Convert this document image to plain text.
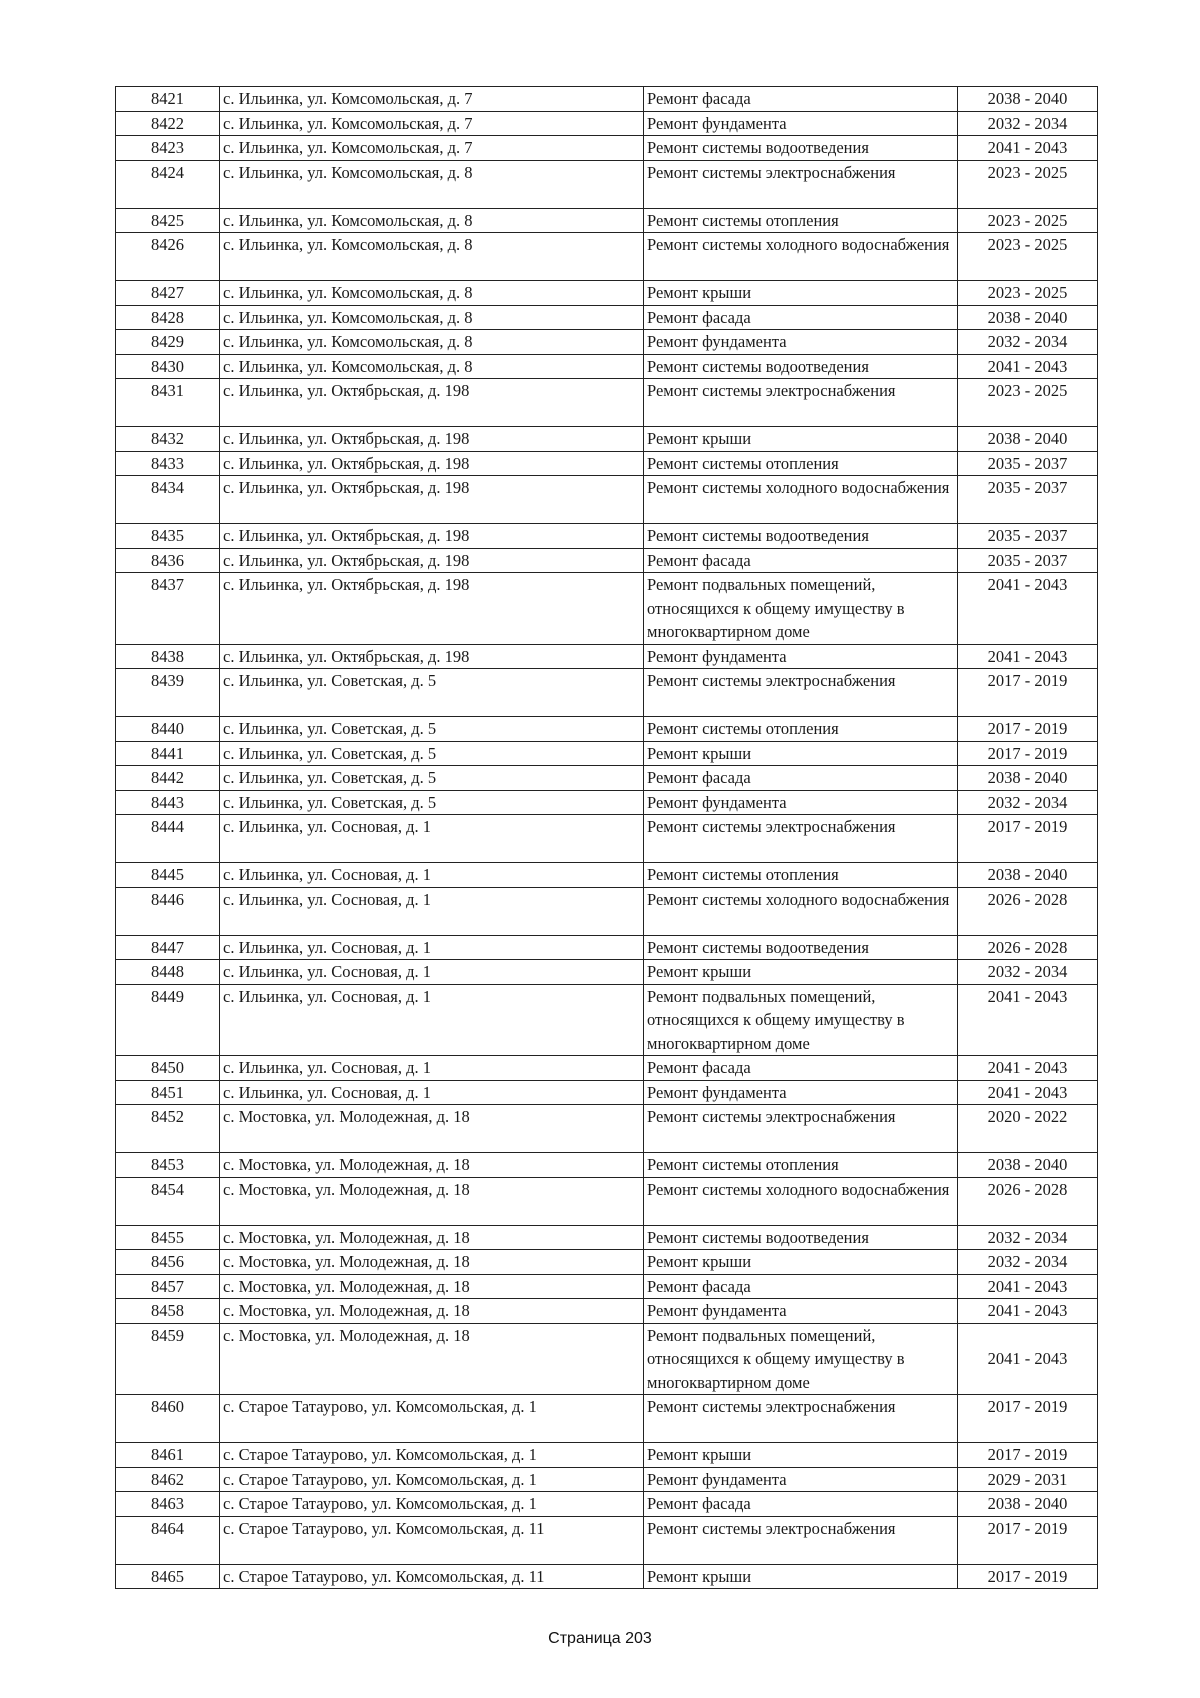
8421	с. Ильинка, ул. Комсомольская, д. 7	Ремонт фасада	2038 - 2040
8422	с. Ильинка, ул. Комсомольская, д. 7	Ремонт фундамента	2032 - 2034
8423	с. Ильинка, ул. Комсомольская, д. 7	Ремонт системы водоотведения	2041 - 2043
8424	с. Ильинка, ул. Комсомольская, д. 8	Ремонт системы электроснабжения	2023 - 2025
8425	с. Ильинка, ул. Комсомольская, д. 8	Ремонт системы отопления	2023 - 2025
8426	с. Ильинка, ул. Комсомольская, д. 8	Ремонт системы холодного водоснабжения	2023 - 2025
8427	с. Ильинка, ул. Комсомольская, д. 8	Ремонт крыши	2023 - 2025
8428	с. Ильинка, ул. Комсомольская, д. 8	Ремонт фасада	2038 - 2040
8429	с. Ильинка, ул. Комсомольская, д. 8	Ремонт фундамента	2032 - 2034
8430	с. Ильинка, ул. Комсомольская, д. 8	Ремонт системы водоотведения	2041 - 2043
8431	с. Ильинка, ул. Октябрьская, д. 198	Ремонт системы электроснабжения	2023 - 2025
8432	с. Ильинка, ул. Октябрьская, д. 198	Ремонт крыши	2038 - 2040
8433	с. Ильинка, ул. Октябрьская, д. 198	Ремонт системы отопления	2035 - 2037
8434	с. Ильинка, ул. Октябрьская, д. 198	Ремонт системы холодного водоснабжения	2035 - 2037
8435	с. Ильинка, ул. Октябрьская, д. 198	Ремонт системы водоотведения	2035 - 2037
8436	с. Ильинка, ул. Октябрьская, д. 198	Ремонт фасада	2035 - 2037
8437	с. Ильинка, ул. Октябрьская, д. 198	Ремонт подвальных помещений, относящихся к общему имуществу в многоквартирном доме	2041 - 2043
8438	с. Ильинка, ул. Октябрьская, д. 198	Ремонт фундамента	2041 - 2043
8439	с. Ильинка, ул. Советская, д. 5	Ремонт системы электроснабжения	2017 - 2019
8440	с. Ильинка, ул. Советская, д. 5	Ремонт системы отопления	2017 - 2019
8441	с. Ильинка, ул. Советская, д. 5	Ремонт крыши	2017 - 2019
8442	с. Ильинка, ул. Советская, д. 5	Ремонт фасада	2038 - 2040
8443	с. Ильинка, ул. Советская, д. 5	Ремонт фундамента	2032 - 2034
8444	с. Ильинка, ул. Сосновая, д. 1	Ремонт системы электроснабжения	2017 - 2019
8445	с. Ильинка, ул. Сосновая, д. 1	Ремонт системы отопления	2038 - 2040
8446	с. Ильинка, ул. Сосновая, д. 1	Ремонт системы холодного водоснабжения	2026 - 2028
8447	с. Ильинка, ул. Сосновая, д. 1	Ремонт системы водоотведения	2026 - 2028
8448	с. Ильинка, ул. Сосновая, д. 1	Ремонт крыши	2032 - 2034
8449	с. Ильинка, ул. Сосновая, д. 1	Ремонт подвальных помещений, относящихся к общему имуществу в многоквартирном доме	2041 - 2043
8450	с. Ильинка, ул. Сосновая, д. 1	Ремонт фасада	2041 - 2043
8451	с. Ильинка, ул. Сосновая, д. 1	Ремонт фундамента	2041 - 2043
8452	с. Мостовка, ул. Молодежная, д. 18	Ремонт системы электроснабжения	2020 - 2022
8453	с. Мостовка, ул. Молодежная, д. 18	Ремонт системы отопления	2038 - 2040
8454	с. Мостовка, ул. Молодежная, д. 18	Ремонт системы холодного водоснабжения	2026 - 2028
8455	с. Мостовка, ул. Молодежная, д. 18	Ремонт системы водоотведения	2032 - 2034
8456	с. Мостовка, ул. Молодежная, д. 18	Ремонт крыши	2032 - 2034
8457	с. Мостовка, ул. Молодежная, д. 18	Ремонт фасада	2041 - 2043
8458	с. Мостовка, ул. Молодежная, д. 18	Ремонт фундамента	2041 - 2043
8459	с. Мостовка, ул. Молодежная, д. 18	Ремонт подвальных помещений, относящихся к общему имуществу в многоквартирном доме	2041 - 2043
8460	с. Старое Татаурово, ул. Комсомольская, д. 1	Ремонт системы электроснабжения	2017 - 2019
8461	с. Старое Татаурово, ул. Комсомольская, д. 1	Ремонт крыши	2017 - 2019
8462	с. Старое Татаурово, ул. Комсомольская, д. 1	Ремонт фундамента	2029 - 2031
8463	с. Старое Татаурово, ул. Комсомольская, д. 1	Ремонт фасада	2038 - 2040
8464	с. Старое Татаурово, ул. Комсомольская, д. 11	Ремонт системы электроснабжения	2017 - 2019
8465	с. Старое Татаурово, ул. Комсомольская, д. 11	Ремонт крыши	2017 - 2019
Страница 203
